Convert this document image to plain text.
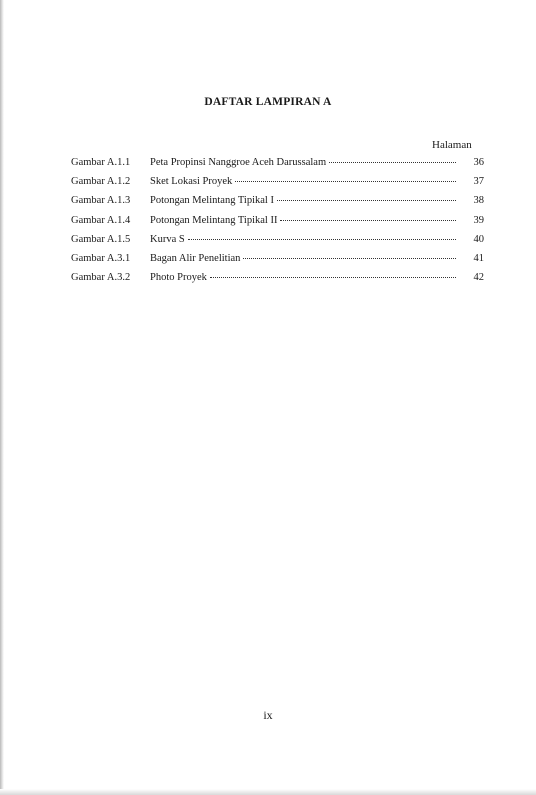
DAFTAR LAMPIRAN A
Halaman
Gambar A.1.1	Peta Propinsi Nanggroe Aceh Darussalam	36
Gambar A.1.2	Sket Lokasi Proyek	37
Gambar A.1.3	Potongan Melintang Tipikal I	38
Gambar A.1.4	Potongan Melintang Tipikal II	39
Gambar A.1.5	Kurva S	40
Gambar A.3.1	Bagan Alir Penelitian	41
Gambar A.3.2	Photo Proyek	42
ix
